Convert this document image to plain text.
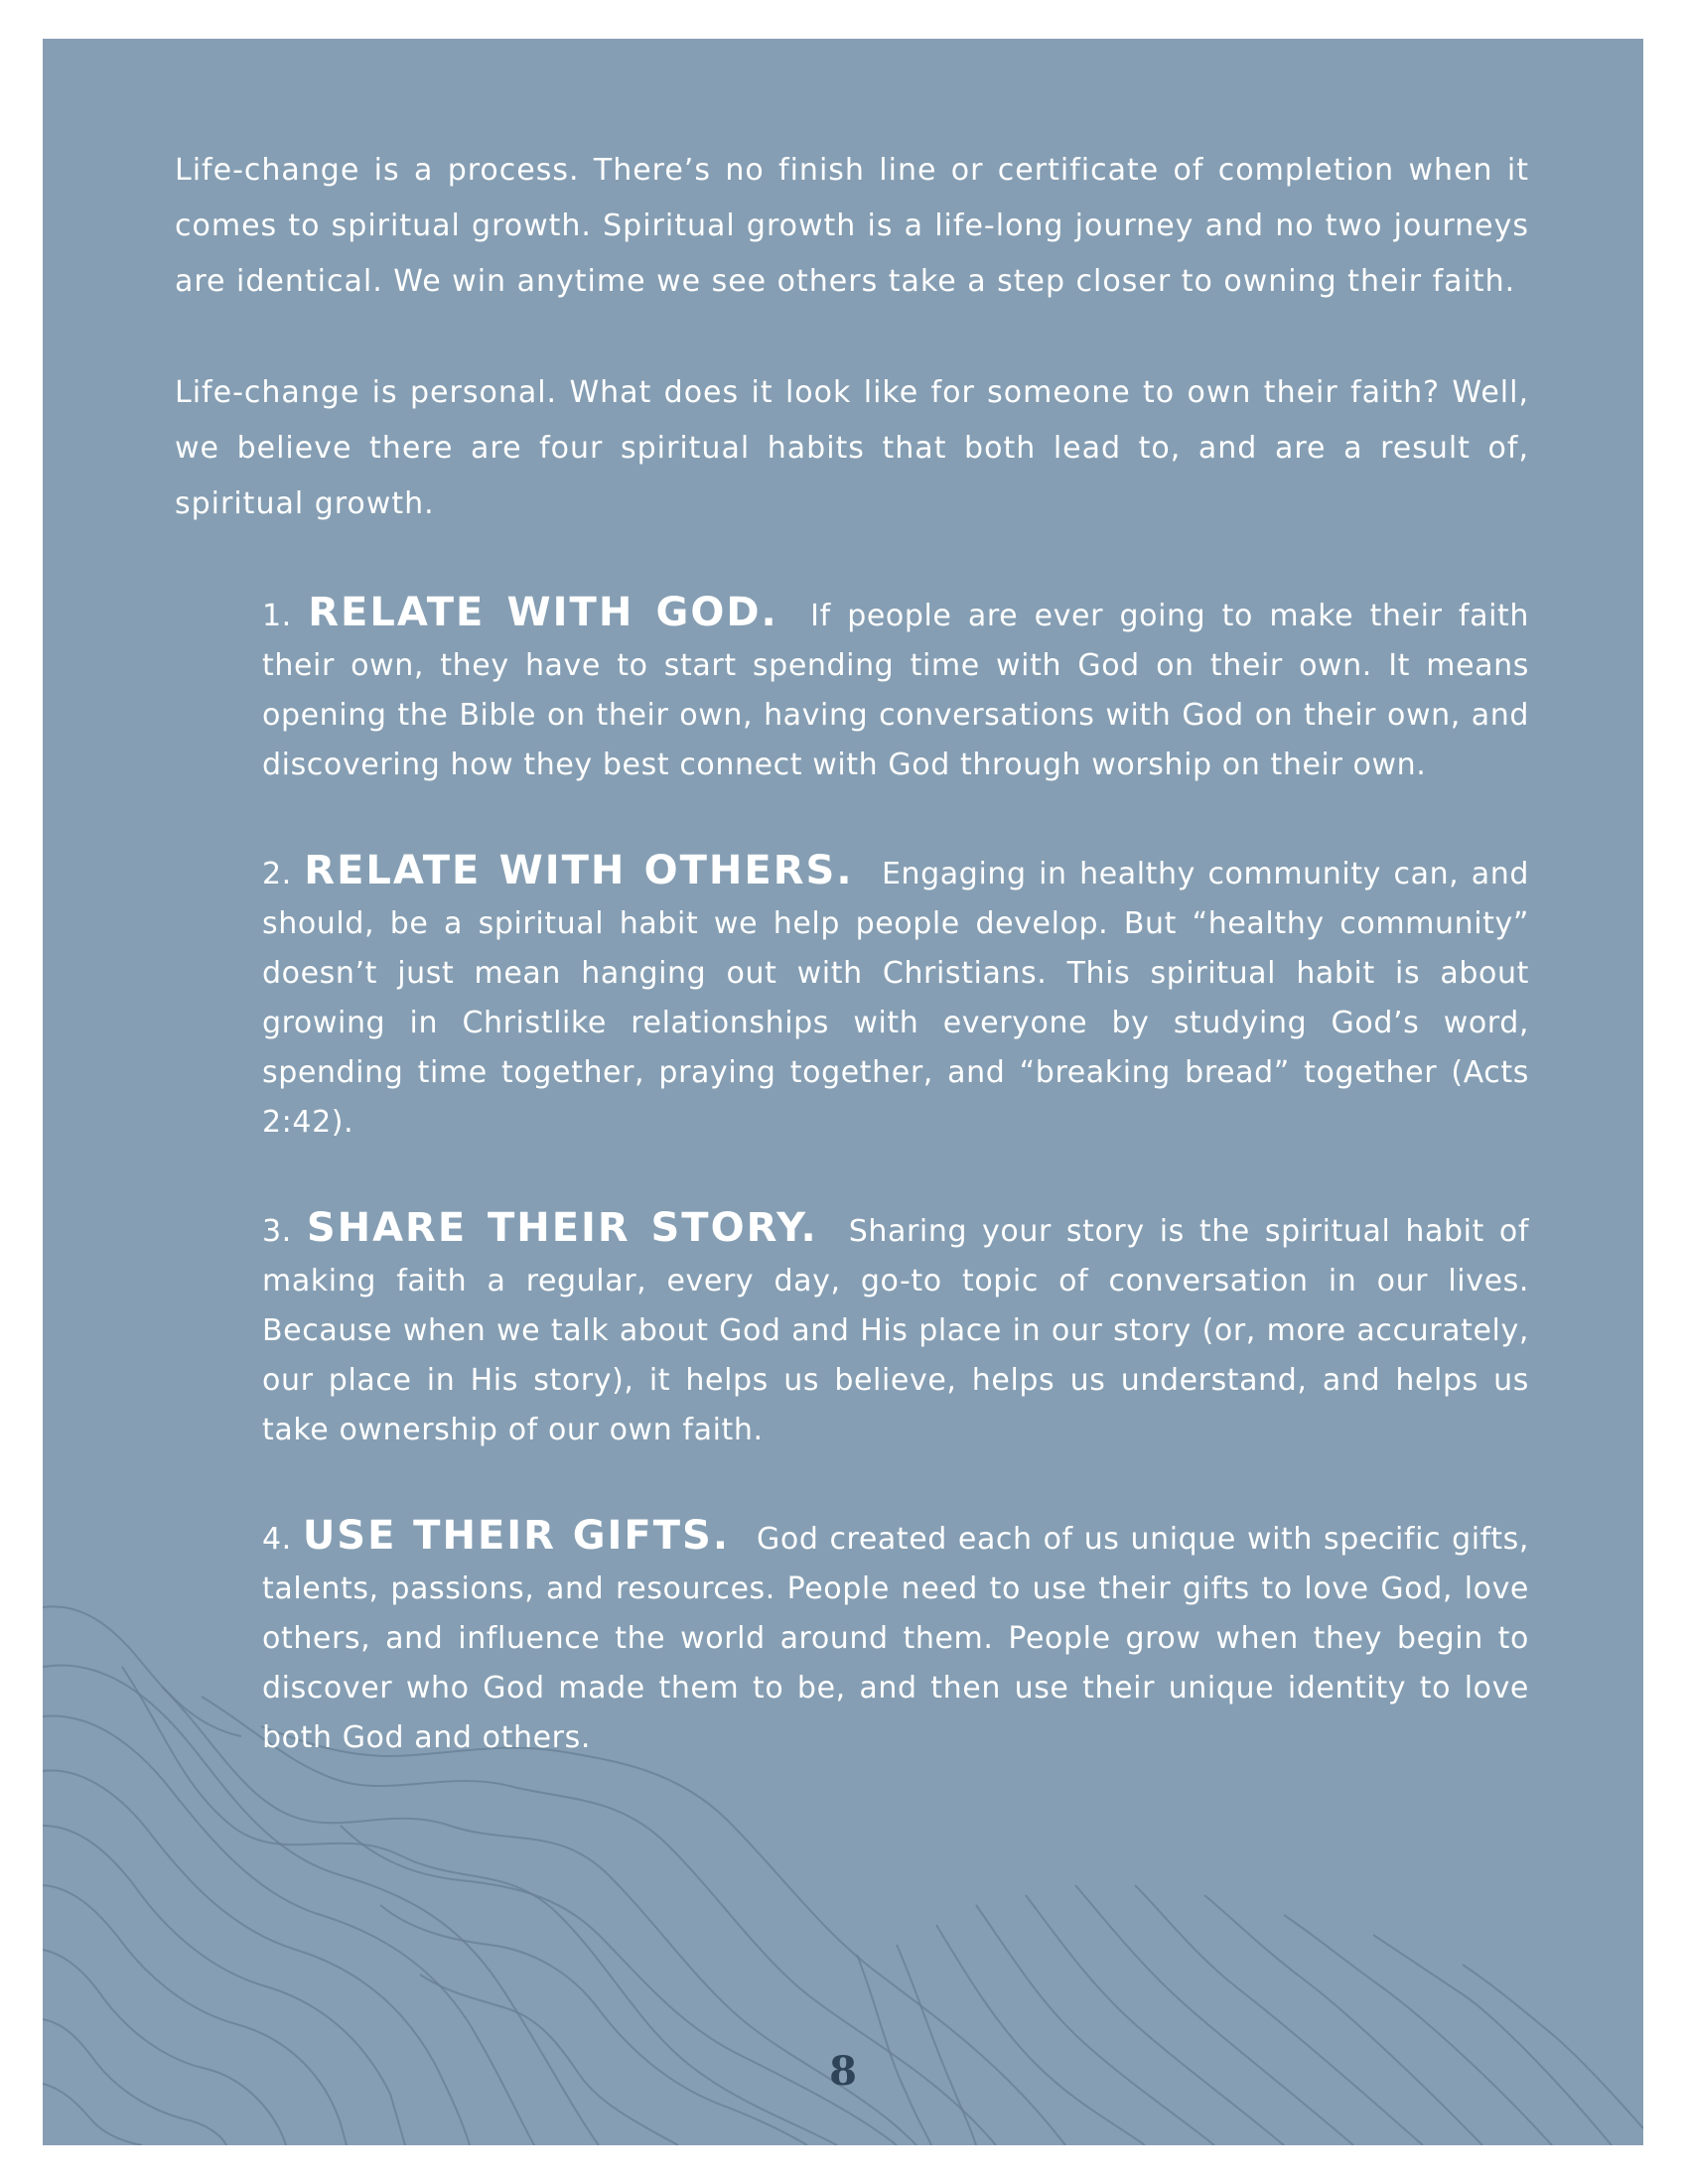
Life-change is a process. There’s no finish line or certificate of completion when it comes to spiritual growth. Spiritual growth is a life-long journey and no two journeys are identical. We win anytime we see others take a step closer to owning their faith.

Life-change is personal. What does it look like for someone to own their faith? Well, we believe there are four spiritual habits that both lead to, and are a result of, spiritual growth.

1. RELATE WITH GOD. If people are ever going to make their faith their own, they have to start spending time with God on their own. It means opening the Bible on their own, having conversations with God on their own, and discovering how they best connect with God through worship on their own.

2. RELATE WITH OTHERS. Engaging in healthy community can, and should, be a spiritual habit we help people develop. But “healthy community” doesn’t just mean hanging out with Christians. This spiritual habit is about growing in Christlike relationships with everyone by studying God’s word, spending time together, praying together, and “breaking bread” together (Acts 2:42).

3. SHARE THEIR STORY. Sharing your story is the spiritual habit of making faith a regular, every day, go-to topic of conversation in our lives. Because when we talk about God and His place in our story (or, more accurately, our place in His story), it helps us believe, helps us understand, and helps us take ownership of our own faith.

4. USE THEIR GIFTS. God created each of us unique with specific gifts, talents, passions, and resources. People need to use their gifts to love God, love others, and influence the world around them. People grow when they begin to discover who God made them to be, and then use their unique identity to love both God and others.

8
